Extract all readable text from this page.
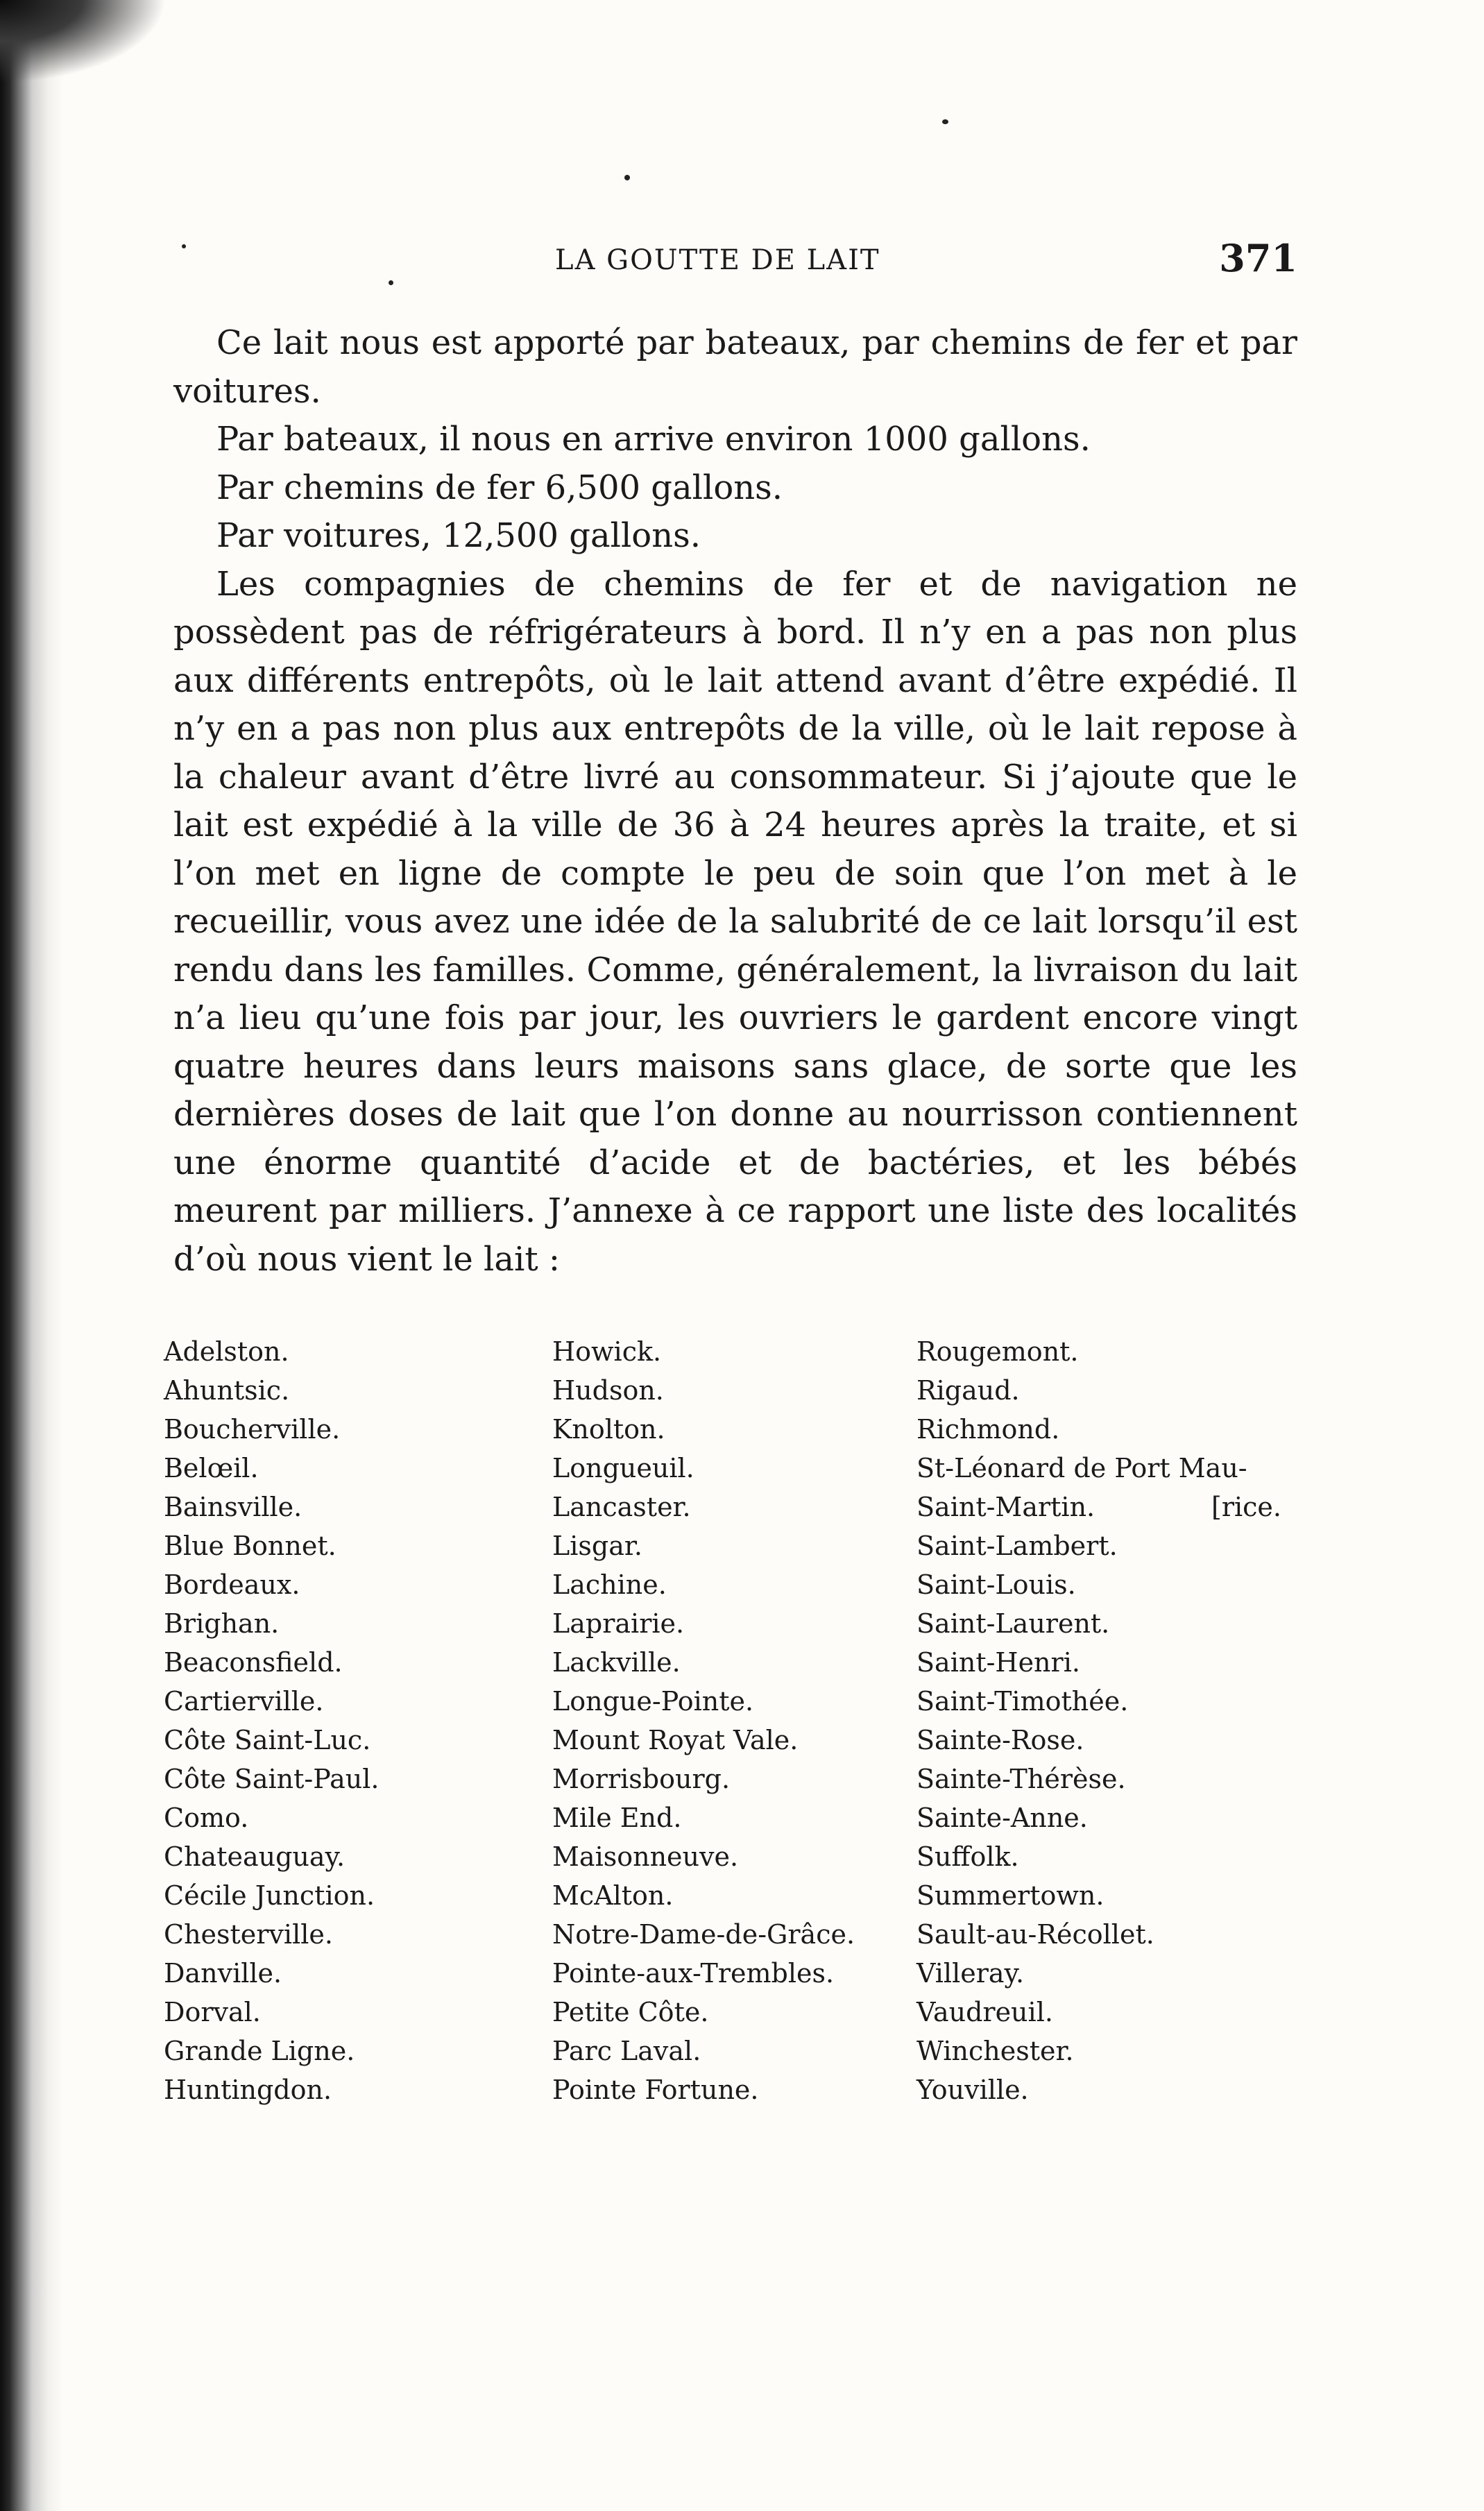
LA GOUTTE DE LAIT	371

Ce lait nous est apporté par bateaux, par chemins de fer et par voitures.

Par bateaux, il nous en arrive environ 1000 gallons.

Par chemins de fer 6,500 gallons.

Par voitures, 12,500 gallons.

Les compagnies de chemins de fer et de navigation ne possèdent pas de réfrigérateurs à bord. Il n’y en a pas non plus aux différents entrepôts, où le lait attend avant d’être expédié. Il n’y en a pas non plus aux entrepôts de la ville, où le lait repose à la chaleur avant d’être livré au consommateur. Si j’ajoute que le lait est expédié à la ville de 36 à 24 heures après la traite, et si l’on met en ligne de compte le peu de soin que l’on met à le recueillir, vous avez une idée de la salubrité de ce lait lorsqu’il est rendu dans les familles. Comme, généralement, la livraison du lait n’a lieu qu’une fois par jour, les ouvriers le gardent encore vingt quatre heures dans leurs maisons sans glace, de sorte que les dernières doses de lait que l’on donne au nourrisson contiennent une énorme quantité d’acide et de bactéries, et les bébés meurent par milliers. J’annexe à ce rapport une liste des localités d’où nous vient le lait :

Adelston.
Ahuntsic.
Boucherville.
Belœil.
Bainsville.
Blue Bonnet.
Bordeaux.
Brighan.
Beaconsfield.
Cartierville.
Côte Saint-Luc.
Côte Saint-Paul.
Como.
Chateauguay.
Cécile Junction.
Chesterville.
Danville.
Dorval.
Grande Ligne.
Huntingdon.
Howick.
Hudson.
Knolton.
Longueuil.
Lancaster.
Lisgar.
Lachine.
Laprairie.
Lackville.
Longue-Pointe.
Mount Royat Vale.
Morrisbourg.
Mile End.
Maisonneuve.
McAlton.
Notre-Dame-de-Grâce.
Pointe-aux-Trembles.
Petite Côte.
Parc Laval.
Pointe Fortune.
Rougemont.
Rigaud.
Richmond.
St-Léonard de Port Mau-
Saint-Martin.
Saint-Lambert.
Saint-Louis.
Saint-Laurent.
Saint-Henri.
Saint-Timothée.
Sainte-Rose.
Sainte-Thérèse.
Sainte-Anne.
Suffolk.
Summertown.
Sault-au-Récollet.
Villeray.
Vaudreuil.
Winchester.
Youville.
[rice.
